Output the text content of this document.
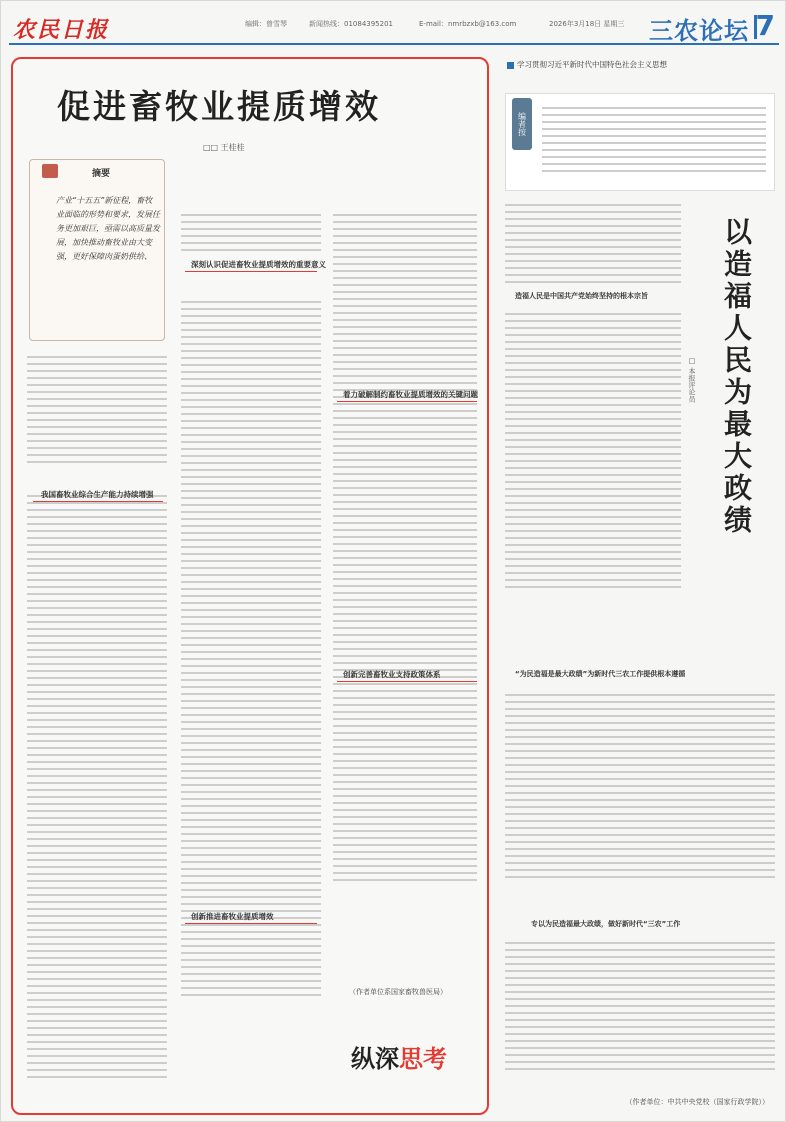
农民日报	编辑：曾雪琴	新闻热线：01084395201	E-mail：nmrbzxb@163.com	2026年3月18日 星期三 三农论坛 7
促进畜牧业提质增效
□□ 王桂桂
摘要
产业“十五五”新征程，畜牧业面临的形势和要求，发展任务更加艰巨，亟需以高质量发展，加快推动畜牧业由大变强，更好保障肉蛋奶供给、
我国畜牧业综合生产能力持续增强
深刻认识促进畜牧业提质增效的重要意义
创新推进畜牧业提质增效
着力破解制约畜牧业提质增效的关键问题
创新完善畜牧业支持政策体系
（作者单位系国家畜牧兽医局）
纵深思考
学习贯彻习近平新时代中国特色社会主义思想
编者按
以造福人民为最大政绩
□ 本报评论员
造福人民是中国共产党始终坚持的根本宗旨
“为民造福是最大政绩”为新时代三农工作提供根本遵循
专以为民造福最大政绩，做好新时代“三农”工作
（作者单位：中共中央党校（国家行政学院））
